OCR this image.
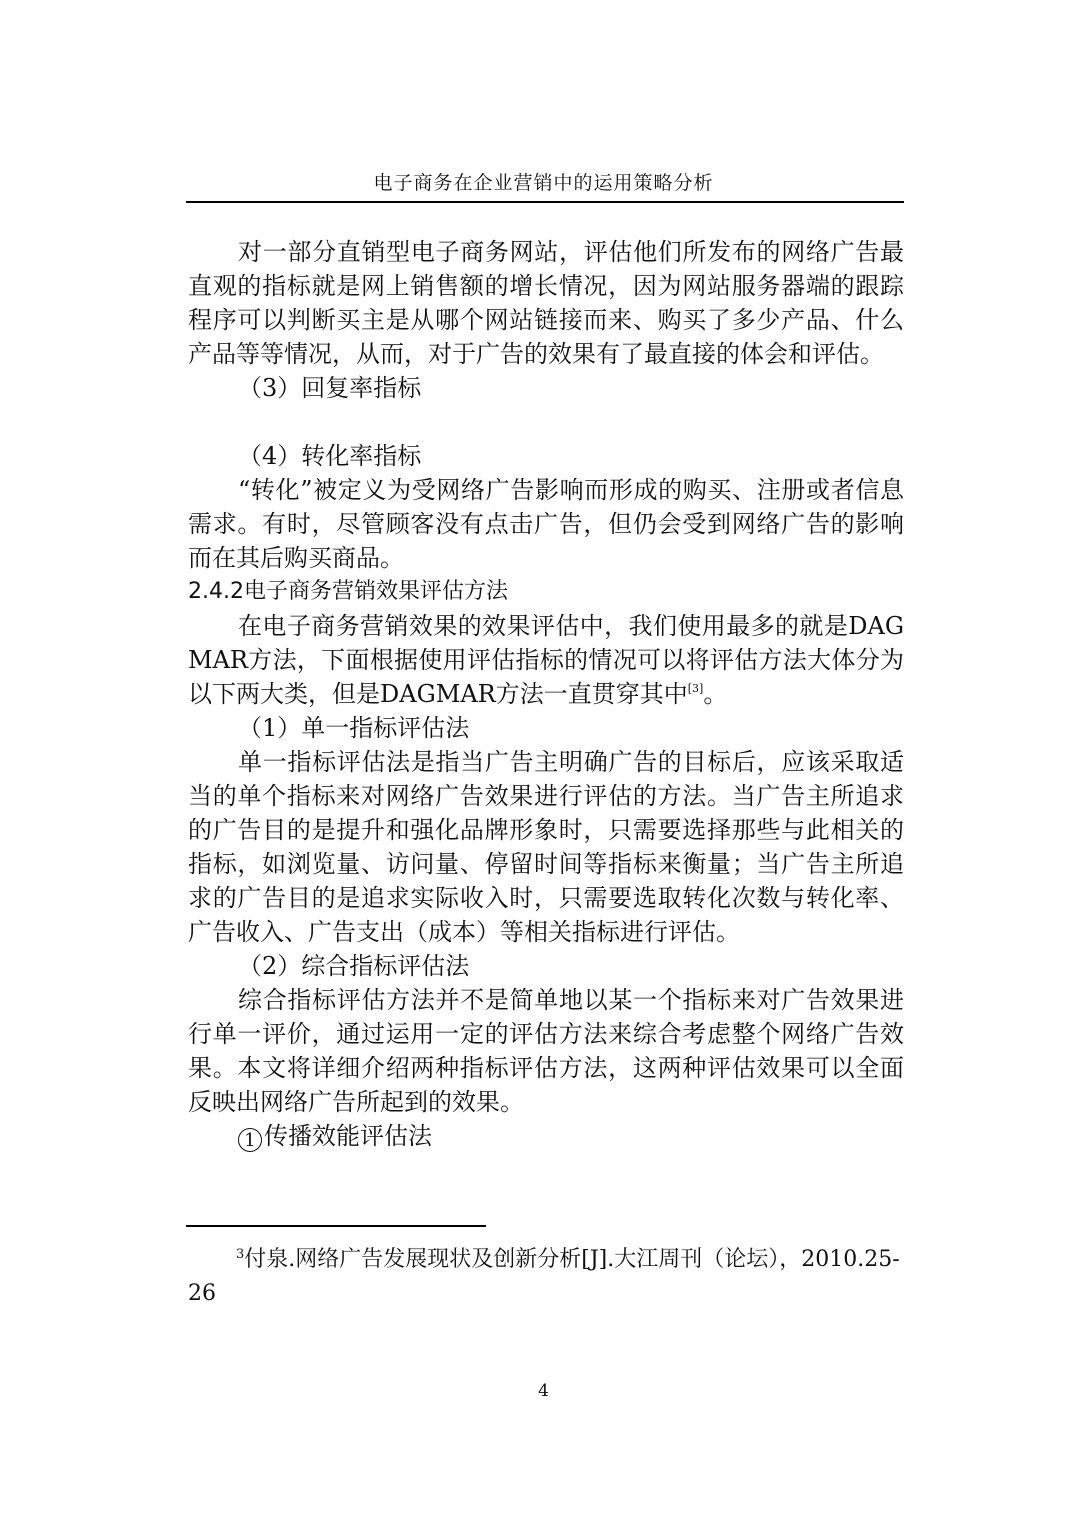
电子商务在企业营销中的运用策略分析

对一部分直销型电子商务网站，评估他们所发布的网络广告最直观的指标就是网上销售额的增长情况，因为网站服务器端的跟踪程序可以判断买主是从哪个网站链接而来、购买了多少产品、什么产品等等情况，从而，对于广告的效果有了最直接的体会和评估。

（3）回复率指标

（4）转化率指标

“转化”被定义为受网络广告影响而形成的购买、注册或者信息需求。有时，尽管顾客没有点击广告，但仍会受到网络广告的影响而在其后购买商品。

2.4.2电子商务营销效果评估方法

在电子商务营销效果的效果评估中，我们使用最多的就是DAGMAR方法，下面根据使用评估指标的情况可以将评估方法大体分为以下两大类，但是DAGMAR方法一直贯穿其中[3]。

（1）单一指标评估法

单一指标评估法是指当广告主明确广告的目标后，应该采取适当的单个指标来对网络广告效果进行评估的方法。当广告主所追求的广告目的是提升和强化品牌形象时，只需要选择那些与此相关的指标，如浏览量、访问量、停留时间等指标来衡量；当广告主所追求的广告目的是追求实际收入时，只需要选取转化次数与转化率、广告收入、广告支出（成本）等相关指标进行评估。

（2）综合指标评估法

综合指标评估方法并不是简单地以某一个指标来对广告效果进行单一评价，通过运用一定的评估方法来综合考虑整个网络广告效果。本文将详细介绍两种指标评估方法，这两种评估效果可以全面反映出网络广告所起到的效果。

1 传播效能评估法

$^3$付泉.网络广告发展现状及创新分析[J].大江周刊（论坛），2010.25-26

4
